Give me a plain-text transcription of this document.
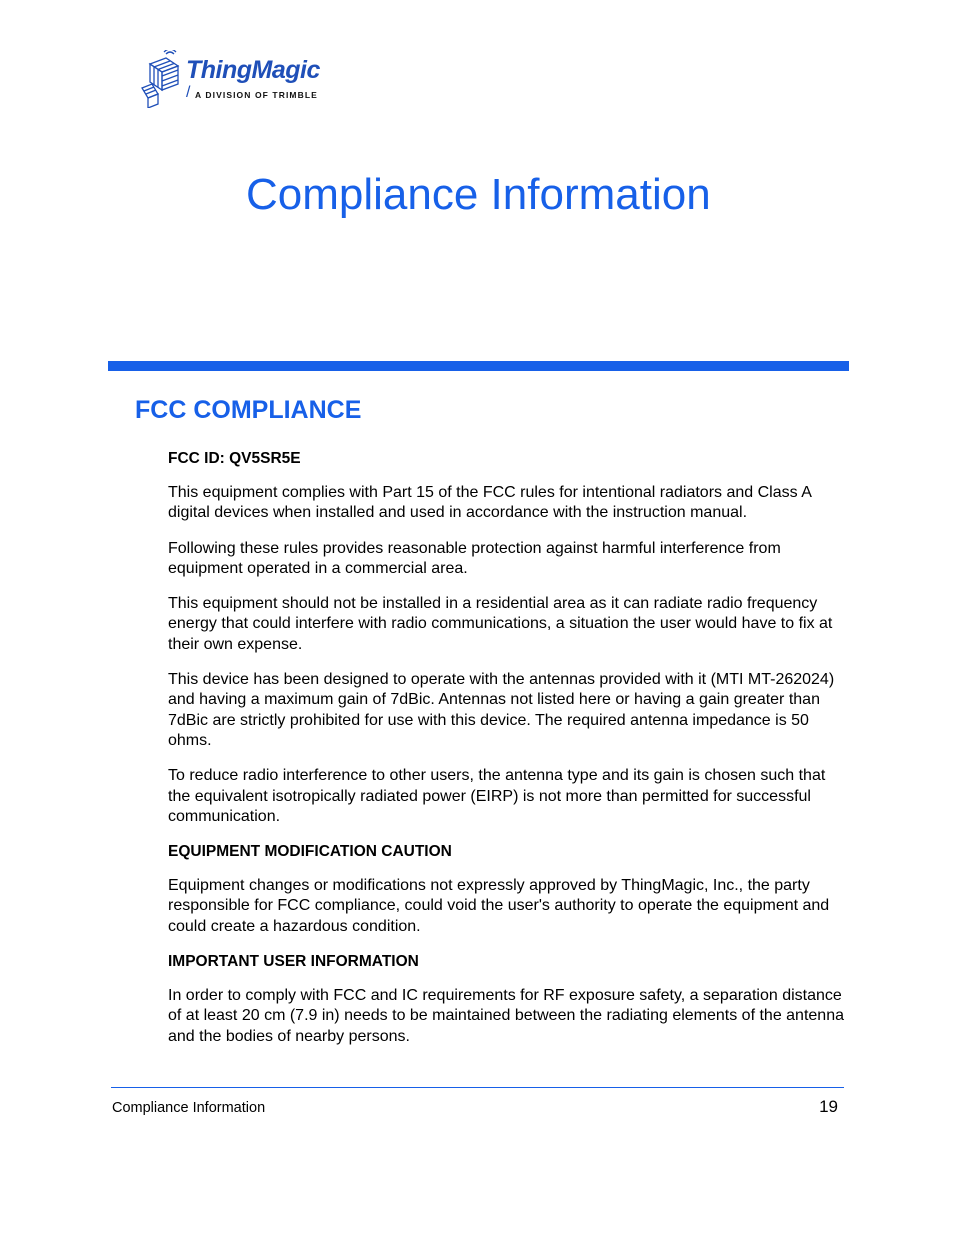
ThingMagic
/ A DIVISION OF TRIMBLE
Compliance Information
FCC COMPLIANCE
FCC ID: QV5SR5E

This equipment complies with Part 15 of the FCC rules for intentional radiators and Class A digital devices when installed and used in accordance with the instruction manual.

Following these rules provides reasonable protection against harmful interference from equipment operated in a commercial area.

This equipment should not be installed in a residential area as it can radiate radio frequency energy that could interfere with radio communications, a situation the user would have to fix at their own expense.

This device has been designed to operate with the antennas provided with it (MTI MT-262024) and having a maximum gain of 7dBic. Antennas not listed here or having a gain greater than 7dBic are strictly prohibited for use with this device. The required antenna impedance is 50 ohms.

To reduce radio interference to other users, the antenna type and its gain is chosen such that the equivalent isotropically radiated power (EIRP) is not more than permitted for successful communication.

EQUIPMENT MODIFICATION CAUTION

Equipment changes or modifications not expressly approved by ThingMagic, Inc., the party responsible for FCC compliance, could void the user's authority to operate the equipment and could create a hazardous condition.

IMPORTANT USER INFORMATION

In order to comply with FCC and IC requirements for RF exposure safety, a separation distance of at least 20 cm (7.9 in) needs to be maintained between the radiating elements of the antenna and the bodies of nearby persons.

Compliance Information	19
